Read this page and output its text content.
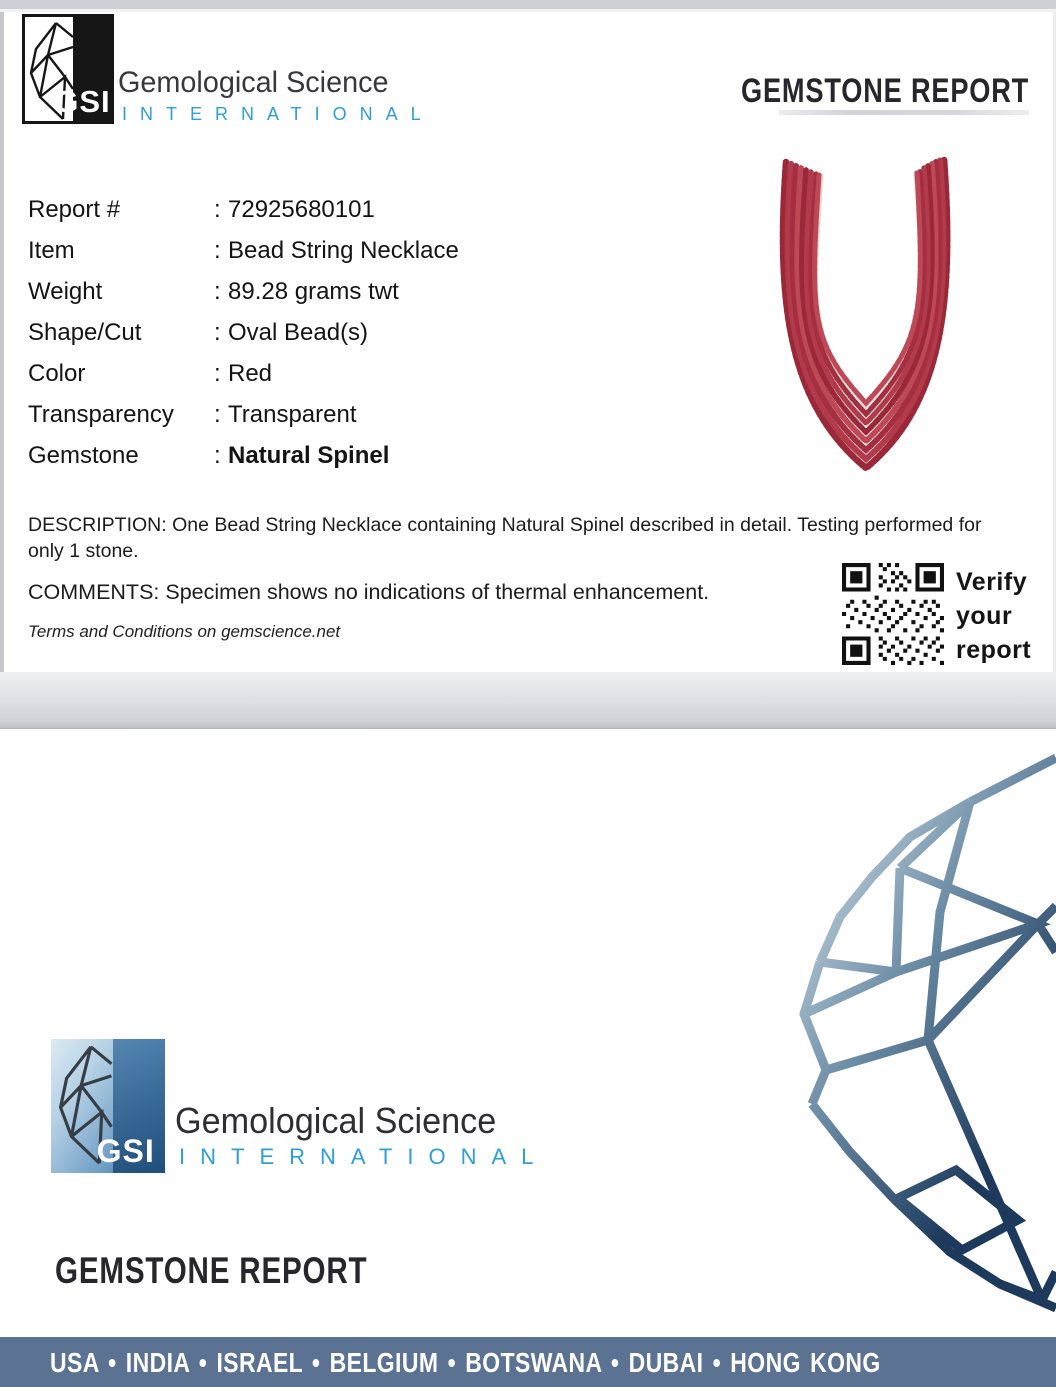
GSI
Gemological Science
INTERNATIONAL
GEMSTONE REPORT
Report #	: 72925680101
Item	: Bead String Necklace
Weight	: 89.28 grams twt
Shape/Cut	: Oval Bead(s)
Color	: Red
Transparency	: Transparent
Gemstone	: Natural Spinel

DESCRIPTION: One Bead String Necklace containing Natural Spinel described in detail. Testing performed for only 1 stone.

COMMENTS: Specimen shows no indications of thermal enhancement.

Terms and Conditions on gemscience.net

Verify
your
report
GSI
Gemological Science
INTERNATIONAL
GEMSTONE REPORT
USA • INDIA • ISRAEL • BELGIUM • BOTSWANA • DUBAI • HONG KONG
